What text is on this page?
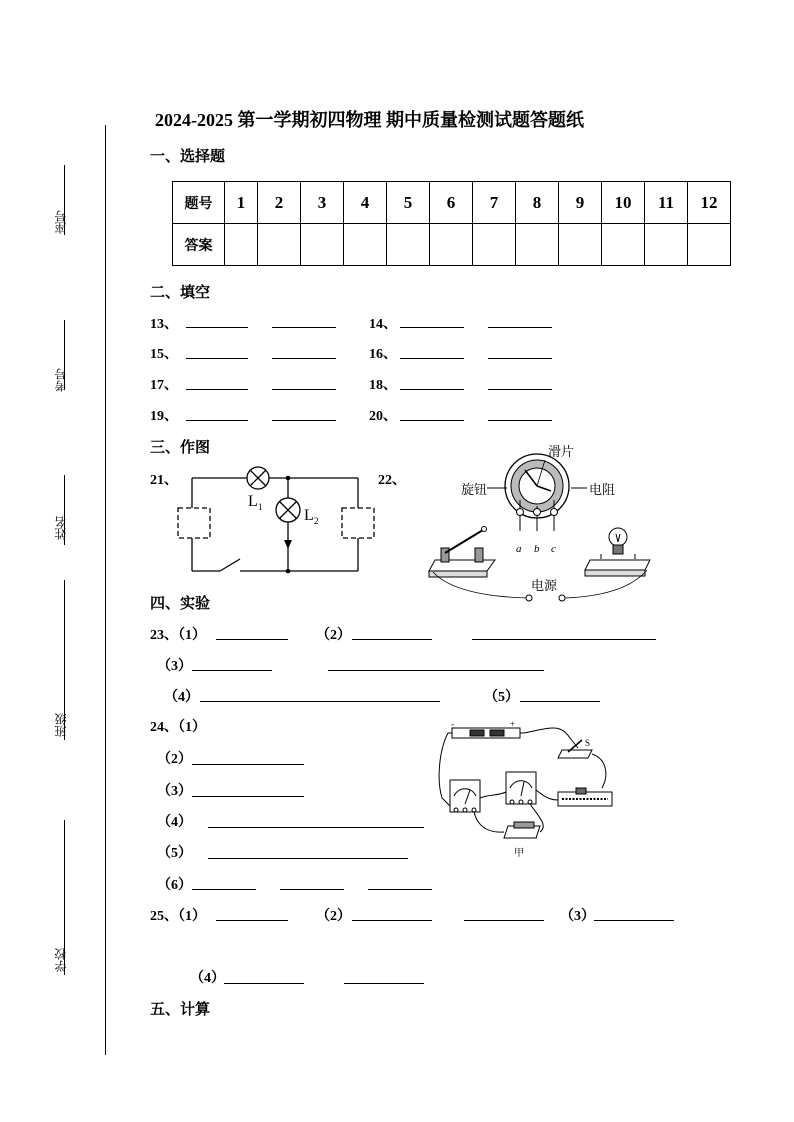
2024-2025 第一学期初四物理 期中质量检测试题答题纸
座号
考号
姓名
班级
学校
一、选择题
题号	1	2	3	4	5	6	7	8	9	10	11	12
答案												
二、填空
13、	14、
15、	16、
17、	18、
19、	20、
三、作图
21、	22、
L 1	L 2
滑片
旋钮	电阻
a b c
电源
四、实验
23、（1）	（2）
（3）
（4）	（5）
24、（1）
（2）
（3）
（4）
（5）
（6）
-	+
S
甲
25、（1）	（2）	（3）
（4）
五、计算
